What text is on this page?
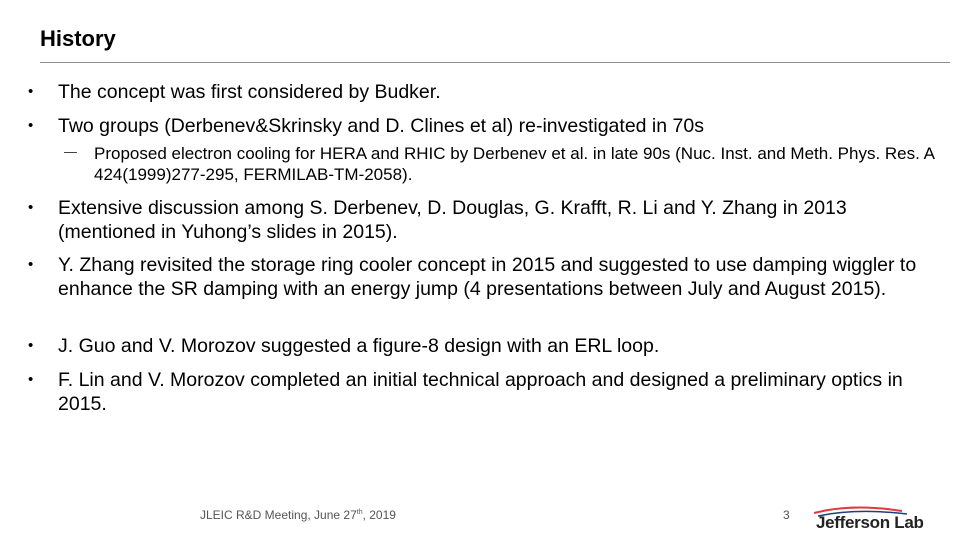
History
• The concept was first considered by Budker.
• Two groups (Derbenev&Skrinsky and D. Clines et al) re-investigated in 70s
－ Proposed electron cooling for HERA and RHIC by Derbenev et al. in late 90s (Nuc. Inst. and Meth. Phys. Res. A 424(1999)277-295, FERMILAB-TM-2058).
• Extensive discussion among S. Derbenev, D. Douglas, G. Krafft, R. Li and Y. Zhang in 2013 (mentioned in Yuhong’s slides in 2015).
• Y. Zhang revisited the storage ring cooler concept in 2015 and suggested to use damping wiggler to enhance the SR damping with an energy jump (4 presentations between July and August 2015).
• J. Guo and V. Morozov suggested a figure-8 design with an ERL loop.
• F. Lin and V. Morozov completed an initial technical approach and designed a preliminary optics in 2015.
JLEIC R&D Meeting, June 27th, 2019	3 Jefferson Lab
